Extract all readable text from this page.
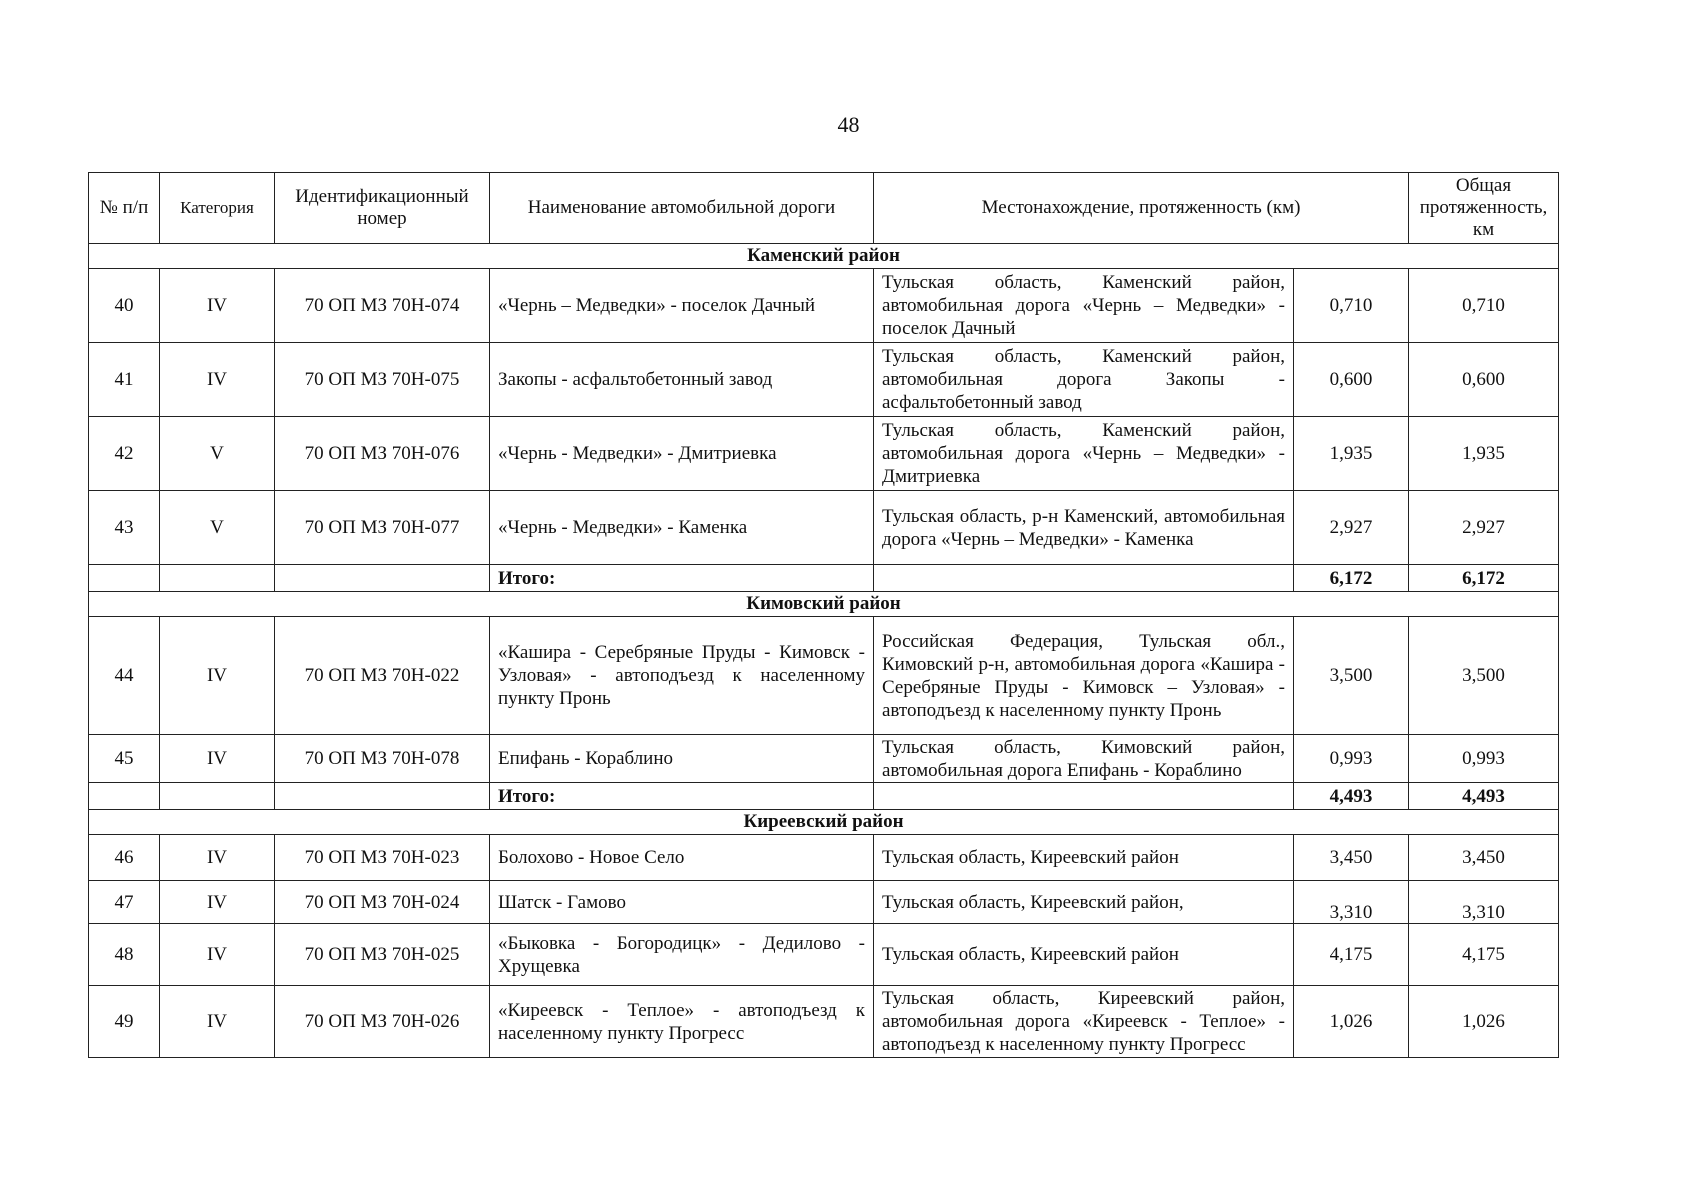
48
№ п/п	Категория	Идентификационный номер	Наименование автомобильной дороги	Местонахождение, протяженность (км)		Общая протяженность, км
Каменский район						
40	IV	70 ОП МЗ 70Н-074	«Чернь – Медведки» - поселок Дачный	Тульская область, Каменский район, автомобильная дорога «Чернь – Медведки» - поселок Дачный	0,710	0,710
41	IV	70 ОП МЗ 70Н-075	Закопы - асфальтобетонный завод	Тульская область, Каменский район, автомобильная дорога Закопы - асфальтобетонный завод	0,600	0,600
42	V	70 ОП МЗ 70Н-076	«Чернь - Медведки» - Дмитриевка	Тульская область, Каменский район, автомобильная дорога «Чернь – Медведки» - Дмитриевка	1,935	1,935
43	V	70 ОП МЗ 70Н-077	«Чернь - Медведки» - Каменка	Тульская область, р-н Каменский, автомобильная дорога «Чернь – Медведки» - Каменка	2,927	2,927
			Итого:		6,172	6,172
Кимовский район						
44	IV	70 ОП МЗ 70Н-022	«Кашира - Серебряные Пруды - Кимовск - Узловая» - автоподъезд к населенному пункту Пронь	Российская Федерация, Тульская обл., Кимовский р-н, автомобильная дорога «Кашира - Серебряные Пруды - Кимовск – Узловая» - автоподъезд к населенному пункту Пронь	3,500	3,500
45	IV	70 ОП МЗ 70Н-078	Епифань - Кораблино	Тульская область, Кимовский район, автомобильная дорога Епифань - Кораблино	0,993	0,993
			Итого:		4,493	4,493
Киреевский район						
46	IV	70 ОП МЗ 70Н-023	Болохово - Новое Село	Тульская область, Киреевский район	3,450	3,450
47	IV	70 ОП МЗ 70Н-024	Шатск - Гамово	Тульская область, Киреевский район,	3,310	3,310
48	IV	70 ОП МЗ 70Н-025	«Быковка - Богородицк» - Дедилово - Хрущевка	Тульская область, Киреевский район	4,175	4,175
49	IV	70 ОП МЗ 70Н-026	«Киреевск - Теплое» - автоподъезд к населенному пункту Прогресс	Тульская область, Киреевский район, автомобильная дорога «Киреевск - Теплое» - автоподъезд к населенному пункту Прогресс	1,026	1,026
